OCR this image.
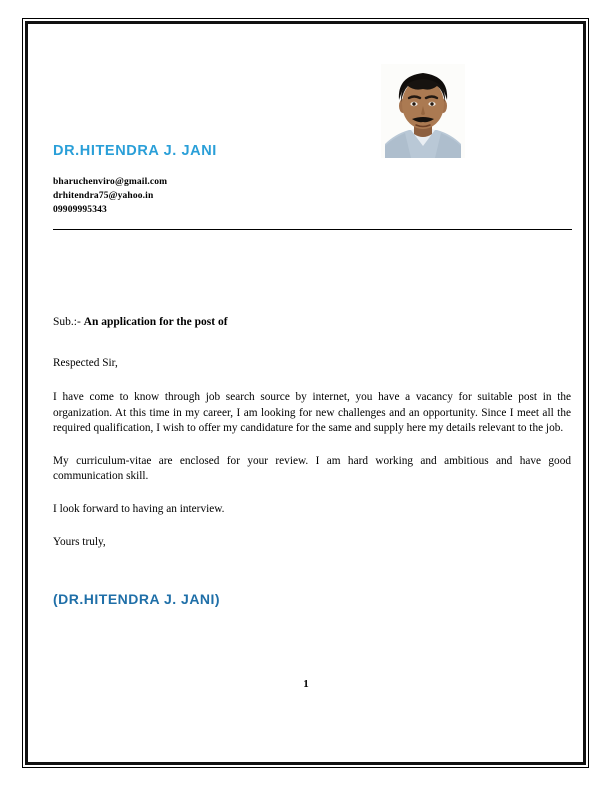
DR.HITENDRA J. JANI
bharuchenviro@gmail.com
drhitendra75@yahoo.in
09909995343
Sub.:- An application for the post of

Respected Sir,

I have come to know through job search source by internet, you have a vacancy for suitable post in the organization. At this time in my career, I am looking for new challenges and an opportunity. Since I meet all the required qualification, I wish to offer my candidature for the same and supply here my details relevant to the job.

My curriculum-vitae are enclosed for your review. I am hard working and ambitious and have good communication skill.

I look forward to having an interview.

Yours truly,

(DR.HITENDRA J. JANI)
1
